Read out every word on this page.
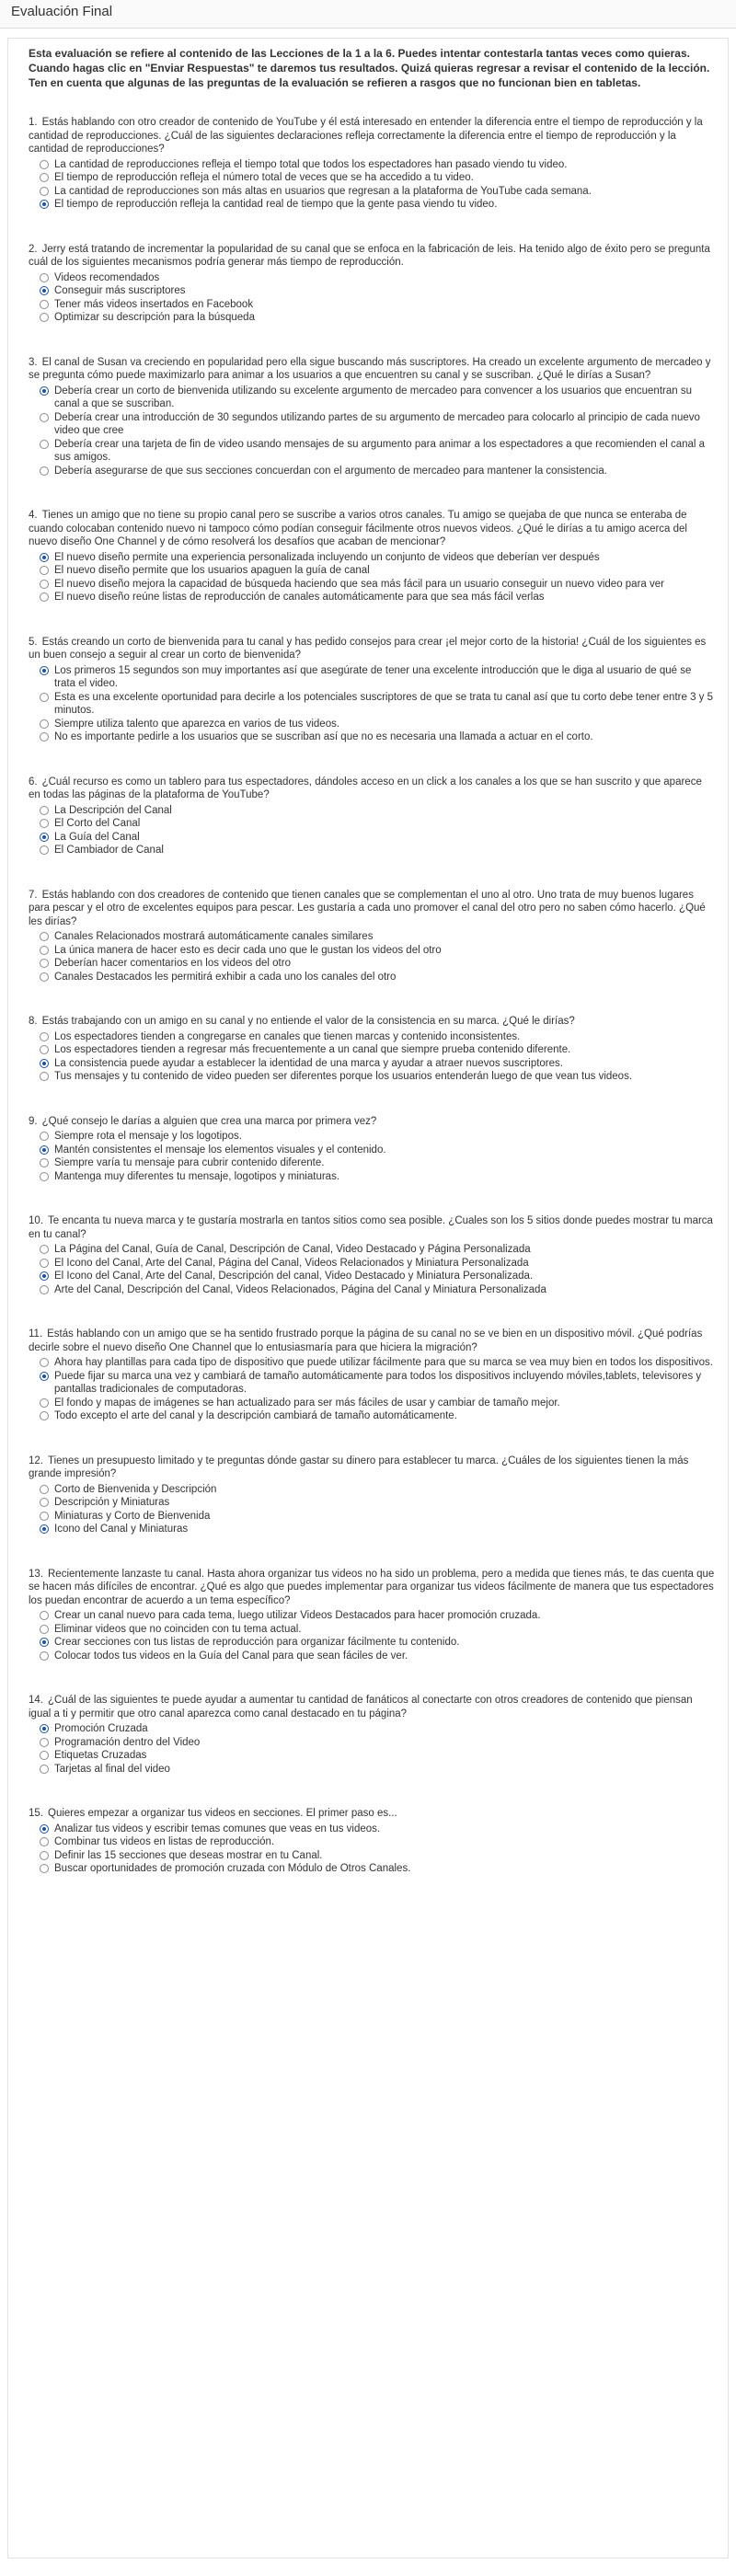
Evaluación Final

Esta evaluación se refiere al contenido de las Lecciones de la 1 a la 6. Puedes intentar contestarla tantas veces como quieras. Cuando hagas clic en "Enviar Respuestas" te daremos tus resultados. Quizá quieras regresar a revisar el contenido de la lección. Ten en cuenta que algunas de las preguntas de la evaluación se refieren a rasgos que no funcionan bien en tabletas.

1. Estás hablando con otro creador de contenido de YouTube y él está interesado en entender la diferencia entre el tiempo de reproducción y la cantidad de reproducciones. ¿Cuál de las siguientes declaraciones refleja correctamente la diferencia entre el tiempo de reproducción y la cantidad de reproducciones?

La cantidad de reproducciones refleja el tiempo total que todos los espectadores han pasado viendo tu video.
El tiempo de reproducción refleja el número total de veces que se ha accedido a tu video.
La cantidad de reproducciones son más altas en usuarios que regresan a la plataforma de YouTube cada semana.
El tiempo de reproducción refleja la cantidad real de tiempo que la gente pasa viendo tu video.

2. Jerry está tratando de incrementar la popularidad de su canal que se enfoca en la fabricación de leis. Ha tenido algo de éxito pero se pregunta cuál de los siguientes mecanismos podría generar más tiempo de reproducción.

Videos recomendados
Conseguir más suscriptores
Tener más videos insertados en Facebook
Optimizar su descripción para la búsqueda

3. El canal de Susan va creciendo en popularidad pero ella sigue buscando más suscriptores. Ha creado un excelente argumento de mercadeo y se pregunta cómo puede maximizarlo para animar a los usuarios a que encuentren su canal y se suscriban. ¿Qué le dirías a Susan?

Debería crear un corto de bienvenida utilizando su excelente argumento de mercadeo para convencer a los usuarios que encuentran su canal a que se suscriban.
Debería crear una introducción de 30 segundos utilizando partes de su argumento de mercadeo para colocarlo al principio de cada nuevo video que cree
Debería crear una tarjeta de fin de video usando mensajes de su argumento para animar a los espectadores a que recomienden el canal a sus amigos.
Debería asegurarse de que sus secciones concuerdan con el argumento de mercadeo para mantener la consistencia.

4. Tienes un amigo que no tiene su propio canal pero se suscribe a varios otros canales. Tu amigo se quejaba de que nunca se enteraba de cuando colocaban contenido nuevo ni tampoco cómo podían conseguir fácilmente otros nuevos videos. ¿Qué le dirías a tu amigo acerca del nuevo diseño One Channel y de cómo resolverá los desafíos que acaban de mencionar?

El nuevo diseño permite una experiencia personalizada incluyendo un conjunto de videos que deberían ver después
El nuevo diseño permite que los usuarios apaguen la guía de canal
El nuevo diseño mejora la capacidad de búsqueda haciendo que sea más fácil para un usuario conseguir un nuevo video para ver
El nuevo diseño reúne listas de reproducción de canales automáticamente para que sea más fácil verlas

5. Estás creando un corto de bienvenida para tu canal y has pedido consejos para crear ¡el mejor corto de la historia! ¿Cuál de los siguientes es un buen consejo a seguir al crear un corto de bienvenida?

Los primeros 15 segundos son muy importantes así que asegúrate de tener una excelente introducción que le diga al usuario de qué se trata el video.
Esta es una excelente oportunidad para decirle a los potenciales suscriptores de que se trata tu canal así que tu corto debe tener entre 3 y 5 minutos.
Siempre utiliza talento que aparezca en varios de tus videos.
No es importante pedirle a los usuarios que se suscriban así que no es necesaria una llamada a actuar en el corto.

6. ¿Cuál recurso es como un tablero para tus espectadores, dándoles acceso en un click a los canales a los que se han suscrito y que aparece en todas las páginas de la plataforma de YouTube?

La Descripción del Canal
El Corto del Canal
La Guía del Canal
El Cambiador de Canal

7. Estás hablando con dos creadores de contenido que tienen canales que se complementan el uno al otro. Uno trata de muy buenos lugares para pescar y el otro de excelentes equipos para pescar. Les gustaría a cada uno promover el canal del otro pero no saben cómo hacerlo. ¿Qué les dirías?

Canales Relacionados mostrará automáticamente canales similares
La única manera de hacer esto es decir cada uno que le gustan los videos del otro
Deberían hacer comentarios en los videos del otro
Canales Destacados les permitirá exhibir a cada uno los canales del otro

8. Estás trabajando con un amigo en su canal y no entiende el valor de la consistencia en su marca. ¿Qué le dirías?

Los espectadores tienden a congregarse en canales que tienen marcas y contenido inconsistentes.
Los espectadores tienden a regresar más frecuentemente a un canal que siempre prueba contenido diferente.
La consistencia puede ayudar a establecer la identidad de una marca y ayudar a atraer nuevos suscriptores.
Tus mensajes y tu contenido de video pueden ser diferentes porque los usuarios entenderán luego de que vean tus videos.

9. ¿Qué consejo le darías a alguien que crea una marca por primera vez?

Siempre rota el mensaje y los logotipos.
Mantén consistentes el mensaje los elementos visuales y el contenido.
Siempre varía tu mensaje para cubrir contenido diferente.
Mantenga muy diferentes tu mensaje, logotipos y miniaturas.

10. Te encanta tu nueva marca y te gustaría mostrarla en tantos sitios como sea posible. ¿Cuales son los 5 sitios donde puedes mostrar tu marca en tu canal?

La Página del Canal, Guía de Canal, Descripción de Canal, Video Destacado y Página Personalizada
El Icono del Canal, Arte del Canal, Página del Canal, Videos Relacionados y Miniatura Personalizada
El Icono del Canal, Arte del Canal, Descripción del canal, Video Destacado y Miniatura Personalizada.
Arte del Canal, Descripción del Canal, Videos Relacionados, Página del Canal y Miniatura Personalizada

11. Estás hablando con un amigo que se ha sentido frustrado porque la página de su canal no se ve bien en un dispositivo móvil. ¿Qué podrías decirle sobre el nuevo diseño One Channel que lo entusiasmaría para que hiciera la migración?

Ahora hay plantillas para cada tipo de dispositivo que puede utilizar fácilmente para que su marca se vea muy bien en todos los dispositivos.
Puede fijar su marca una vez y cambiará de tamaño automáticamente para todos los dispositivos incluyendo móviles,tablets, televisores y pantallas tradicionales de computadoras.
El fondo y mapas de imágenes se han actualizado para ser más fáciles de usar y cambiar de tamaño mejor.
Todo excepto el arte del canal y la descripción cambiará de tamaño automáticamente.

12. Tienes un presupuesto limitado y te preguntas dónde gastar su dinero para establecer tu marca. ¿Cuáles de los siguientes tienen la más grande impresión?

Corto de Bienvenida y Descripción
Descripción y Miniaturas
Miniaturas y Corto de Bienvenida
Icono del Canal y Miniaturas

13. Recientemente lanzaste tu canal. Hasta ahora organizar tus videos no ha sido un problema, pero a medida que tienes más, te das cuenta que se hacen más difíciles de encontrar. ¿Qué es algo que puedes implementar para organizar tus videos fácilmente de manera que tus espectadores los puedan encontrar de acuerdo a un tema específico?

Crear un canal nuevo para cada tema, luego utilizar Videos Destacados para hacer promoción cruzada.
Eliminar videos que no coinciden con tu tema actual.
Crear secciones con tus listas de reproducción para organizar fácilmente tu contenido.
Colocar todos tus videos en la Guía del Canal para que sean fáciles de ver.

14. ¿Cuál de las siguientes te puede ayudar a aumentar tu cantidad de fanáticos al conectarte con otros creadores de contenido que piensan igual a ti y permitir que otro canal aparezca como canal destacado en tu página?

Promoción Cruzada
Programación dentro del Video
Etiquetas Cruzadas
Tarjetas al final del video

15. Quieres empezar a organizar tus videos en secciones. El primer paso es...

Analizar tus videos y escribir temas comunes que veas en tus videos.
Combinar tus videos en listas de reproducción.
Definir las 15 secciones que deseas mostrar en tu Canal.
Buscar oportunidades de promoción cruzada con Módulo de Otros Canales.
